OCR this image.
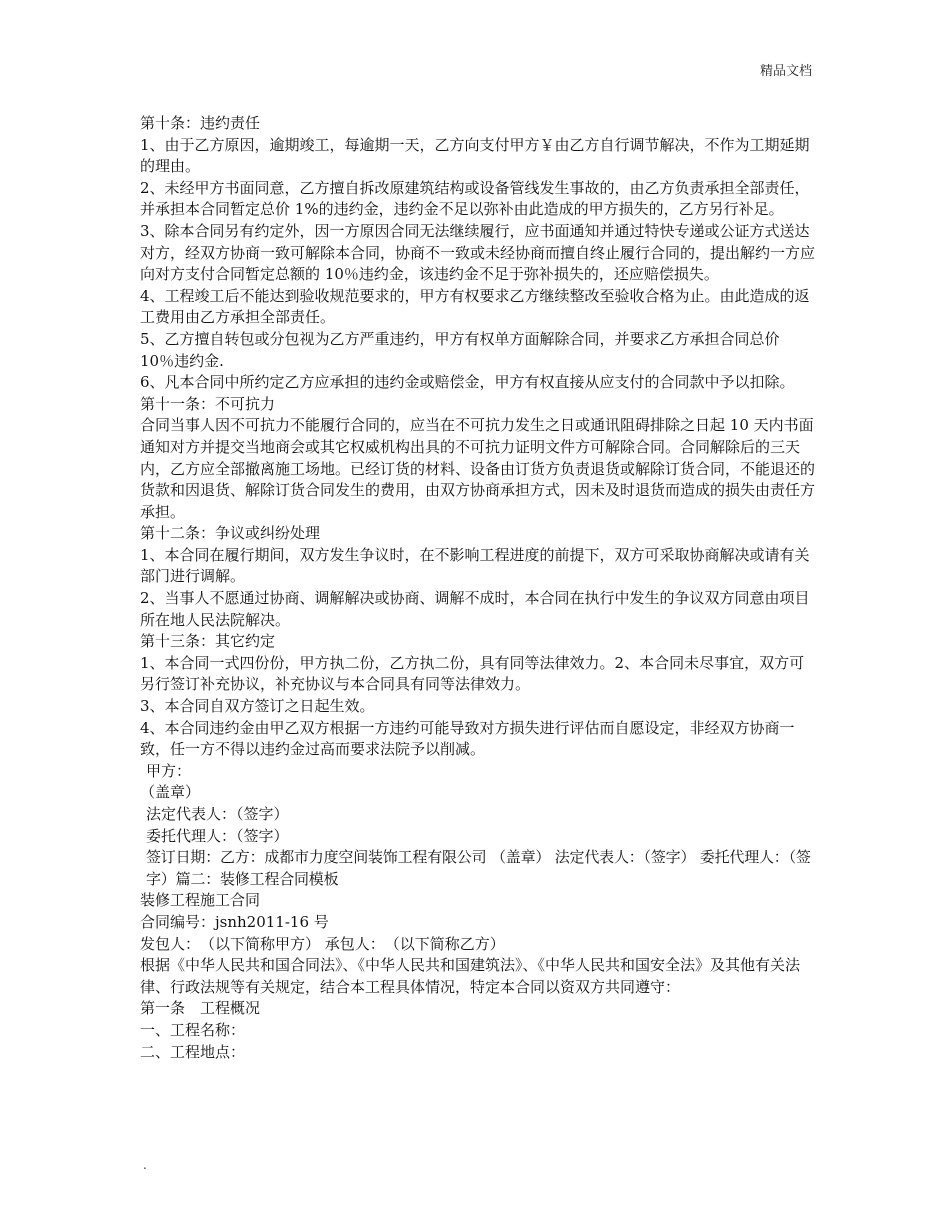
精品文档

第十条：违约责任

1、由于乙方原因，逾期竣工，每逾期一天，乙方向支付甲方￥由乙方自行调节解决，不作为工期延期的理由。

2、未经甲方书面同意，乙方擅自拆改原建筑结构或设备管线发生事故的，由乙方负责承担全部责任，并承担本合同暂定总价 1%的违约金，违约金不足以弥补由此造成的甲方损失的，乙方另行补足。

3、除本合同另有约定外，因一方原因合同无法继续履行，应书面通知并通过特快专递或公证方式送达对方，经双方协商一致可解除本合同，协商不一致或未经协商而擅自终止履行合同的，提出解约一方应向对方支付合同暂定总额的 10％违约金，该违约金不足于弥补损失的，还应赔偿损失。

4、工程竣工后不能达到验收规范要求的，甲方有权要求乙方继续整改至验收合格为止。由此造成的返工费用由乙方承担全部责任。

5、乙方擅自转包或分包视为乙方严重违约，甲方有权单方面解除合同，并要求乙方承担合同总价 10％违约金.

6、凡本合同中所约定乙方应承担的违约金或赔偿金，甲方有权直接从应支付的合同款中予以扣除。

第十一条：不可抗力

合同当事人因不可抗力不能履行合同的，应当在不可抗力发生之日或通讯阻碍排除之日起 10 天内书面通知对方并提交当地商会或其它权威机构出具的不可抗力证明文件方可解除合同。合同解除后的三天内，乙方应全部撤离施工场地。已经订货的材料、设备由订货方负责退货或解除订货合同，不能退还的货款和因退货、解除订货合同发生的费用，由双方协商承担方式，因未及时退货而造成的损失由责任方承担。

第十二条：争议或纠纷处理

1、本合同在履行期间，双方发生争议时，在不影响工程进度的前提下，双方可采取协商解决或请有关部门进行调解。

2、当事人不愿通过协商、调解解决或协商、调解不成时，本合同在执行中发生的争议双方同意由项目所在地人民法院解决。

第十三条：其它约定

1、本合同一式四份份，甲方执二份，乙方执二份，具有同等法律效力。2、本合同未尽事宜，双方可另行签订补充协议，补充协议与本合同具有同等法律效力。

3、本合同自双方签订之日起生效。

4、本合同违约金由甲乙双方根据一方违约可能导致对方损失进行评估而自愿设定，非经双方协商一致，任一方不得以违约金过高而要求法院予以削减。

甲方：

（盖章）

法定代表人：（签字）

委托代理人：（签字）

签订日期：乙方：成都市力度空间装饰工程有限公司 （盖章） 法定代表人：（签字） 委托代理人：（签字）篇二：装修工程合同模板

装修工程施工合同

合同编号：jsnh2011-16 号

发包人：　（以下简称甲方） 承包人：　（以下简称乙方）

根据《中华人民共和国合同法》、《中华人民共和国建筑法》、《中华人民共和国安全法》及其他有关法律、行政法规等有关规定，结合本工程具体情况，特定本合同以资双方共同遵守：

第一条　工程概况

一、工程名称：

二、工程地点：

.
